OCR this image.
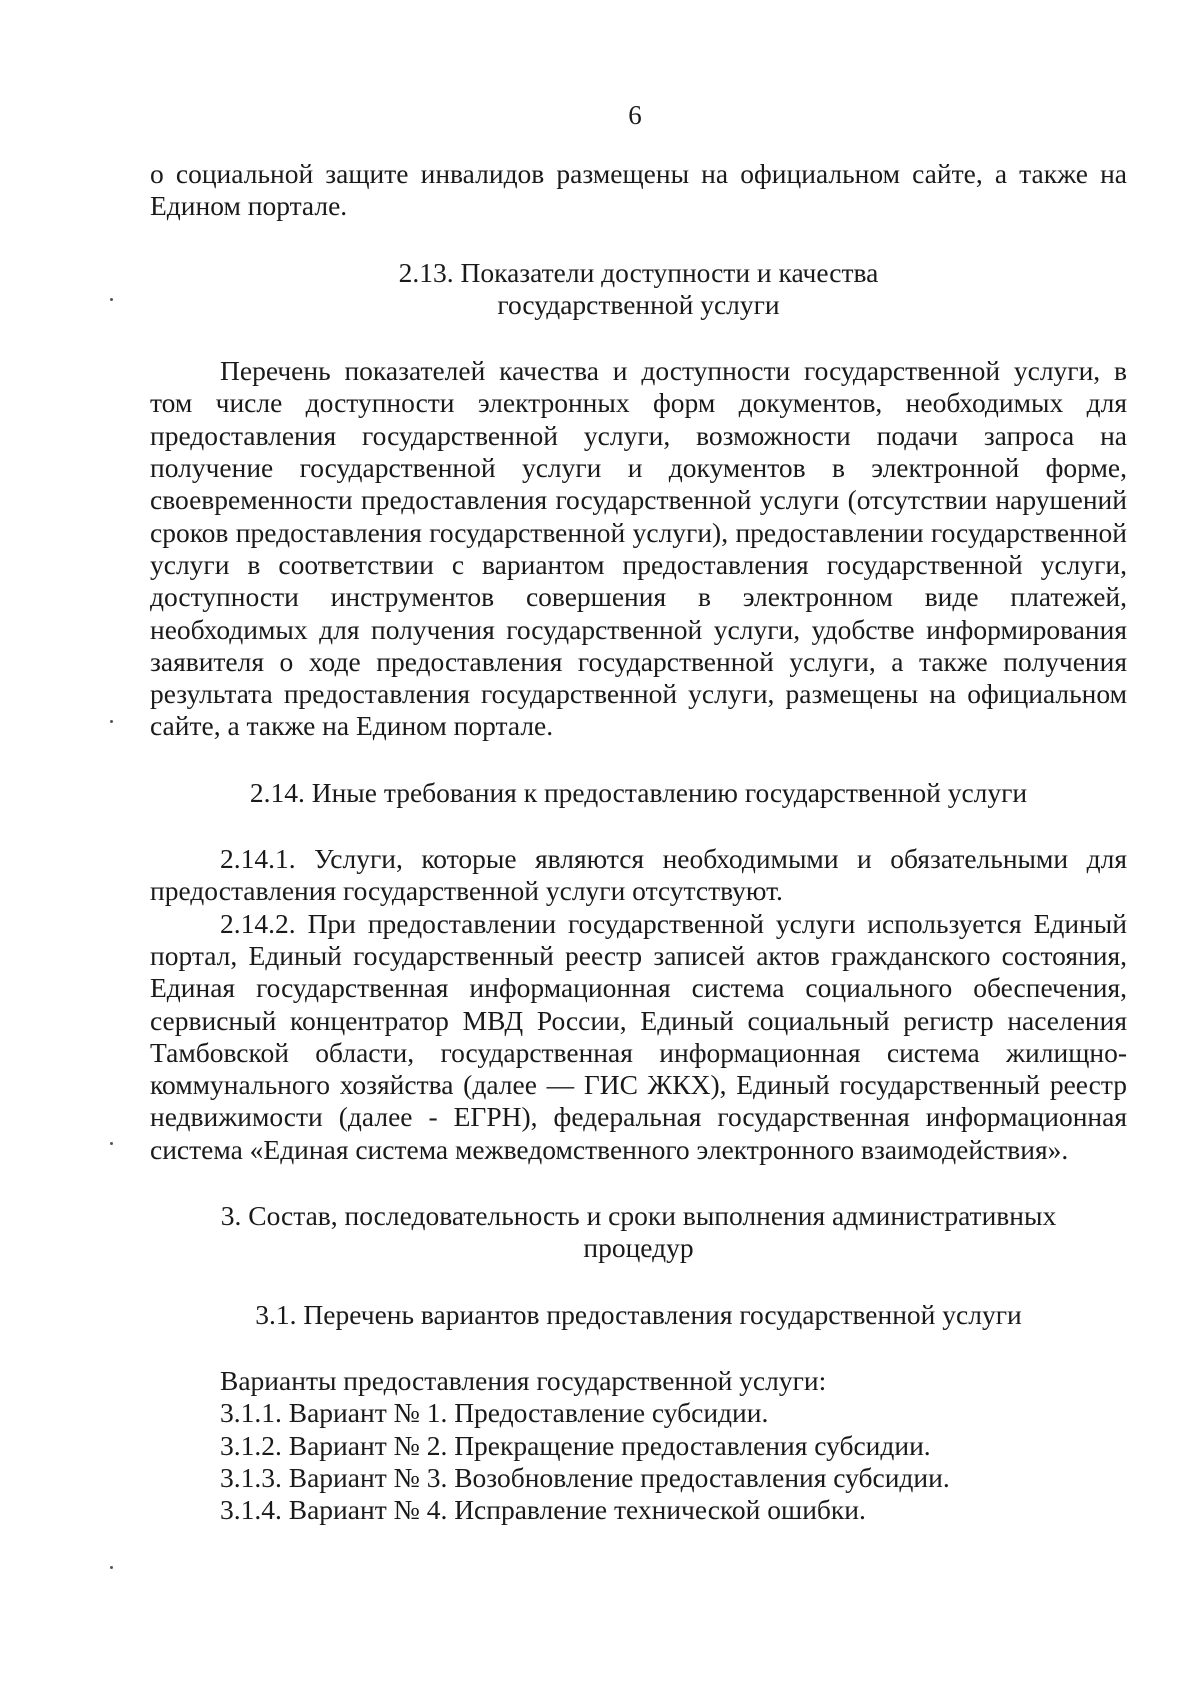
6

о социальной защите инвалидов размещены на официальном сайте, а также на Едином портале.

2.13. Показатели доступности и качества

государственной услуги

Перечень показателей качества и доступности государственной услуги, в том числе доступности электронных форм документов, необходимых для предоставления государственной услуги, возможности подачи запроса на получение государственной услуги и документов в электронной форме, своевременности предоставления государственной услуги (отсутствии нарушений сроков предоставления государственной услуги), предоставлении государственной услуги в соответствии с вариантом предоставления государственной услуги, доступности инструментов совершения в электронном виде платежей, необходимых для получения государственной услуги, удобстве информирования заявителя о ходе предоставления государственной услуги, а также получения результата предоставления государственной услуги, размещены на официальном сайте, а также на Едином портале.

2.14. Иные требования к предоставлению государственной услуги

2.14.1. Услуги, которые являются необходимыми и обязательными для предоставления государственной услуги отсутствуют.

2.14.2. При предоставлении государственной услуги используется Единый портал, Единый государственный реестр записей актов гражданского состояния, Единая государственная информационная система социального обеспечения, сервисный концентратор МВД России, Единый социальный регистр населения Тамбовской области, государственная информационная система жилищно-коммунального хозяйства (далее — ГИС ЖКХ), Единый государственный реестр недвижимости (далее - ЕГРН), федеральная государственная информационная система «Единая система межведомственного электронного взаимодействия».

3. Состав, последовательность и сроки выполнения административных

процедур

3.1. Перечень вариантов предоставления государственной услуги

Варианты предоставления государственной услуги:

3.1.1. Вариант № 1. Предоставление субсидии.

3.1.2. Вариант № 2. Прекращение предоставления субсидии.

3.1.3. Вариант № 3. Возобновление предоставления субсидии.

3.1.4. Вариант № 4. Исправление технической ошибки.
